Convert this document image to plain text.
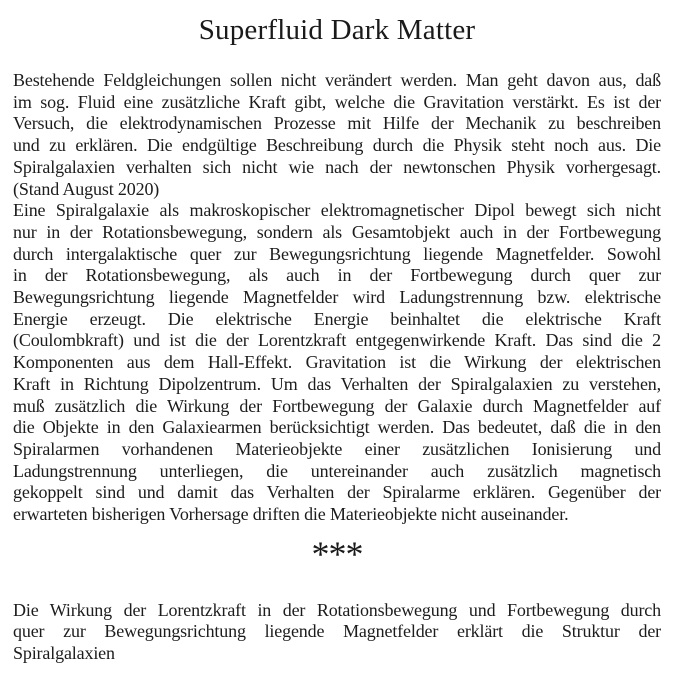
Superfluid Dark Matter
Bestehende Feldgleichungen sollen nicht verändert werden. Man geht davon aus, daß
im sog. Fluid eine zusätzliche Kraft gibt, welche die Gravitation verstärkt. Es ist der
Versuch, die elektrodynamischen Prozesse mit Hilfe der Mechanik zu beschreiben
und zu erklären. Die endgültige Beschreibung durch die Physik steht noch aus. Die
Spiralgalaxien verhalten sich nicht wie nach der newtonschen Physik vorhergesagt.
(Stand August 2020)
Eine Spiralgalaxie als makroskopischer elektromagnetischer Dipol bewegt sich nicht
nur in der Rotationsbewegung, sondern als Gesamtobjekt auch in der Fortbewegung
durch intergalaktische quer zur Bewegungsrichtung liegende Magnetfelder. Sowohl
in der Rotationsbewegung, als auch in der Fortbewegung durch quer zur
Bewegungsrichtung liegende Magnetfelder wird Ladungstrennung bzw. elektrische
Energie erzeugt. Die elektrische Energie beinhaltet die elektrische Kraft
(Coulombkraft) und ist die der Lorentzkraft entgegenwirkende Kraft. Das sind die 2
Komponenten aus dem Hall-Effekt. Gravitation ist die Wirkung der elektrischen
Kraft in Richtung Dipolzentrum. Um das Verhalten der Spiralgalaxien zu verstehen,
muß zusätzlich die Wirkung der Fortbewegung der Galaxie durch Magnetfelder auf
die Objekte in den Galaxiearmen berücksichtigt werden. Das bedeutet, daß die in den
Spiralarmen vorhandenen Materieobjekte einer zusätzlichen Ionisierung und
Ladungstrennung unterliegen, die untereinander auch zusätzlich magnetisch
gekoppelt sind und damit das Verhalten der Spiralarme erklären. Gegenüber der
erwarteten bisherigen Vorhersage driften die Materieobjekte nicht auseinander.
***
Die Wirkung der Lorentzkraft in der Rotationsbewegung und Fortbewegung durch
quer zur Bewegungsrichtung liegende Magnetfelder erklärt die Struktur der
Spiralgalaxien
